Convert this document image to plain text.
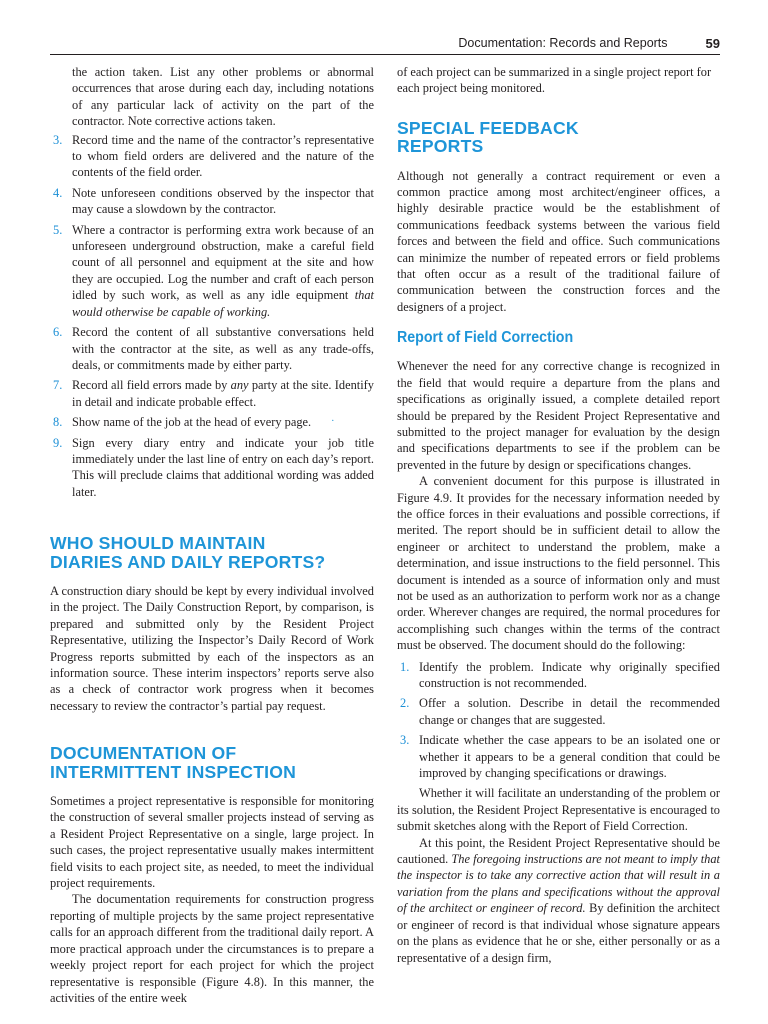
Documentation: Records and Reports	59

the action taken. List any other problems or abnormal occurrences that arose during each day, including notations of any particular lack of activity on the part of the contractor. Note corrective actions taken.

3. Record time and the name of the contractor’s representative to whom field orders are delivered and the nature of the contents of the field order.
4. Note unforeseen conditions observed by the inspector that may cause a slowdown by the contractor.
5. Where a contractor is performing extra work because of an unforeseen underground obstruction, make a careful field count of all personnel and equipment at the site and how they are occupied. Log the number and craft of each person idled by such work, as well as any idle equipment that would otherwise be capable of working.
6. Record the content of all substantive conversations held with the contractor at the site, as well as any trade-offs, deals, or commitments made by either party.
7. Record all field errors made by any party at the site. Identify in detail and indicate probable effect.
8. Show name of the job at the head of every page. ·
9. Sign every diary entry and indicate your job title immediately under the last line of entry on each day’s report. This will preclude claims that additional wording was added later.
WHO SHOULD MAINTAIN DIARIES AND DAILY REPORTS?

A construction diary should be kept by every individual involved in the project. The Daily Construction Report, by comparison, is prepared and submitted only by the Resident Project Representative, utilizing the Inspector’s Daily Record of Work Progress reports submitted by each of the inspectors as an information source. These interim inspectors’ reports serve also as a check of contractor work progress when it becomes necessary to review the contractor’s partial pay request.

DOCUMENTATION OF INTERMITTENT INSPECTION

Sometimes a project representative is responsible for monitoring the construction of several smaller projects instead of serving as a Resident Project Representative on a single, large project. In such cases, the project representative usually makes intermittent field visits to each project site, as needed, to meet the individual project requirements.

The documentation requirements for construction progress reporting of multiple projects by the same project representative calls for an approach different from the traditional daily report. A more practical approach under the circumstances is to prepare a weekly project report for each project for which the project representative is responsible (Figure 4.8). In this manner, the activities of the entire week

of each project can be summarized in a single project report for each project being monitored.

SPECIAL FEEDBACK REPORTS

Although not generally a contract requirement or even a common practice among most architect/engineer offices, a highly desirable practice would be the establishment of communications feedback systems between the various field forces and between the field and office. Such communications can minimize the number of repeated errors or field problems that often occur as a result of the traditional failure of communication between the construction forces and the designers of a project.

Report of Field Correction

Whenever the need for any corrective change is recognized in the field that would require a departure from the plans and specifications as originally issued, a complete detailed report should be prepared by the Resident Project Representative and submitted to the project manager for evaluation by the design and specifications departments to see if the problem can be prevented in the future by design or specifications changes.

A convenient document for this purpose is illustrated in Figure 4.9. It provides for the necessary information needed by the office forces in their evaluations and possible corrections, if merited. The report should be in sufficient detail to allow the engineer or architect to understand the problem, make a determination, and issue instructions to the field personnel. This document is intended as a source of information only and must not be used as an authorization to perform work nor as a change order. Wherever changes are required, the normal procedures for accomplishing such changes within the terms of the contract must be observed. The document should do the following:

1. Identify the problem. Indicate why originally specified construction is not recommended.
2. Offer a solution. Describe in detail the recommended change or changes that are suggested.
3. Indicate whether the case appears to be an isolated one or whether it appears to be a general condition that could be improved by changing specifications or drawings.

Whether it will facilitate an understanding of the problem or its solution, the Resident Project Representative is encouraged to submit sketches along with the Report of Field Correction.

At this point, the Resident Project Representative should be cautioned. The foregoing instructions are not meant to imply that the inspector is to take any corrective action that will result in a variation from the plans and specifications without the approval of the architect or engineer of record. By definition the architect or engineer of record is that individual whose signature appears on the plans as evidence that he or she, either personally or as a representative of a design firm,
